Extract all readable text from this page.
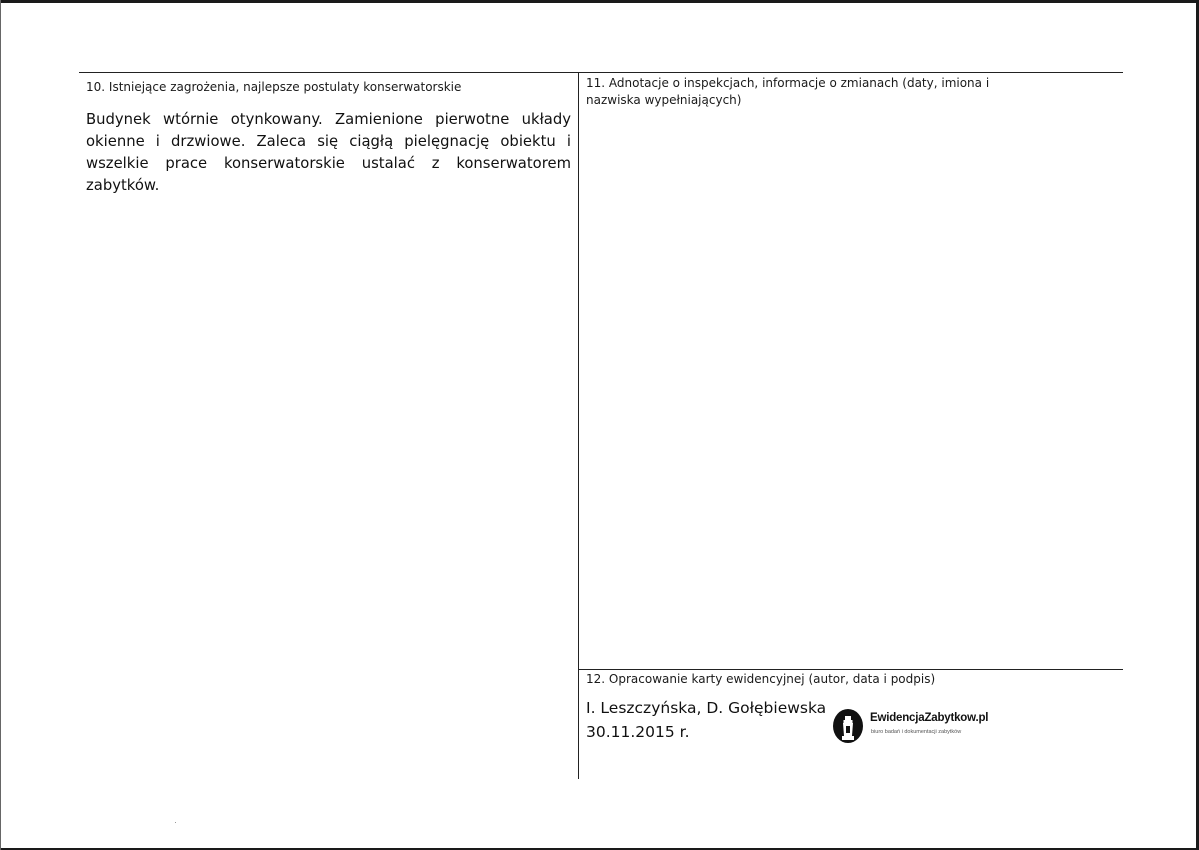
10. Istniejące zagrożenia, najlepsze postulaty konserwatorskie
Budynek wtórnie otynkowany. Zamienione pierwotne układy okienne i drzwiowe. Zaleca się ciągłą pielęgnację obiektu i wszelkie prace konserwatorskie ustalać z konserwatorem zabytków.
11. Adnotacje o inspekcjach, informacje o zmianach (daty, imiona i nazwiska wypełniających)
12. Opracowanie karty ewidencyjnej (autor, data i podpis)
I. Leszczyńska, D. Gołębiewska
30.11.2015 r.
EwidencjaZabytkow.pl
biuro badań i dokumentacji zabytków
